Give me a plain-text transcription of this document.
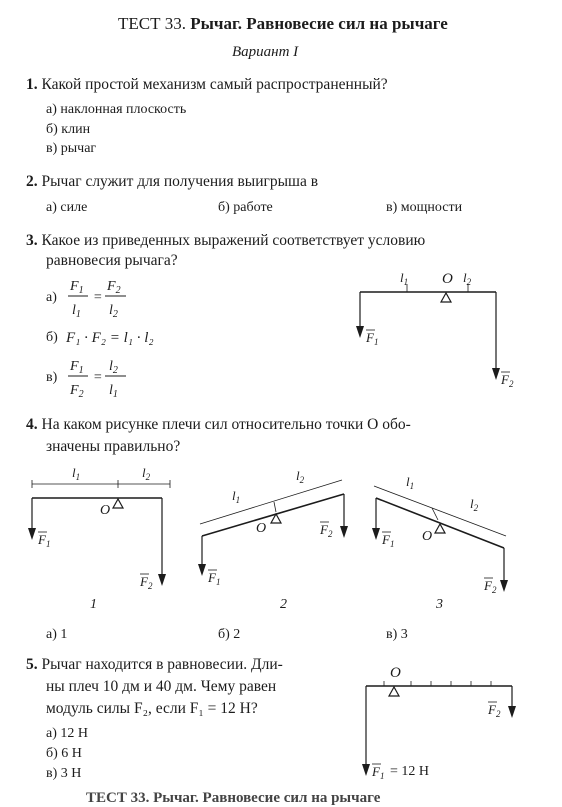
ТЕСТ 33. Рычаг. Равновесие сил на рычаге
Вариант I
1. Какой простой механизм самый распространенный?
а) наклонная плоскость
б) клин
в) рычаг
2. Рычаг служит для получения выигрыша в
а) силе	б) работе	в) мощности
3. Какое из приведенных выражений соответствует условию
равновесия рычага?
а)
$F_1$
$l_1$
=
$F_2$
$l_2$
б) F₁ · F₂ = l₁ · l₂
в)
$F_1$
$F_2$
=
$l_2$
$l_1$
$l_1$ O $l_2$
$F_1$
$F_2$
4. На каком рисунке плечи сил относительно точки O обо-
значены правильно?
$l_1$	$l_2$
O
$F_1$
$F_2$
$l_1$
$l_2$
O
$F_1$
$F_2$
$l_1$
$l_2$
O
$F_1$
$F_2$
1	2	3
а) 1	б) 2	в) 3
5. Рычаг находится в равновесии. Дли-
ны плеч 10 дм и 40 дм. Чему равен
модуль силы F₂, если F₁ = 12 Н?
а) 12 Н
б) 6 Н
в) 3 Н
O
$F_2$
$F_1 = 12$ Н
ТЕСТ 33. Рычаг. Равновесие сил на рычаге
